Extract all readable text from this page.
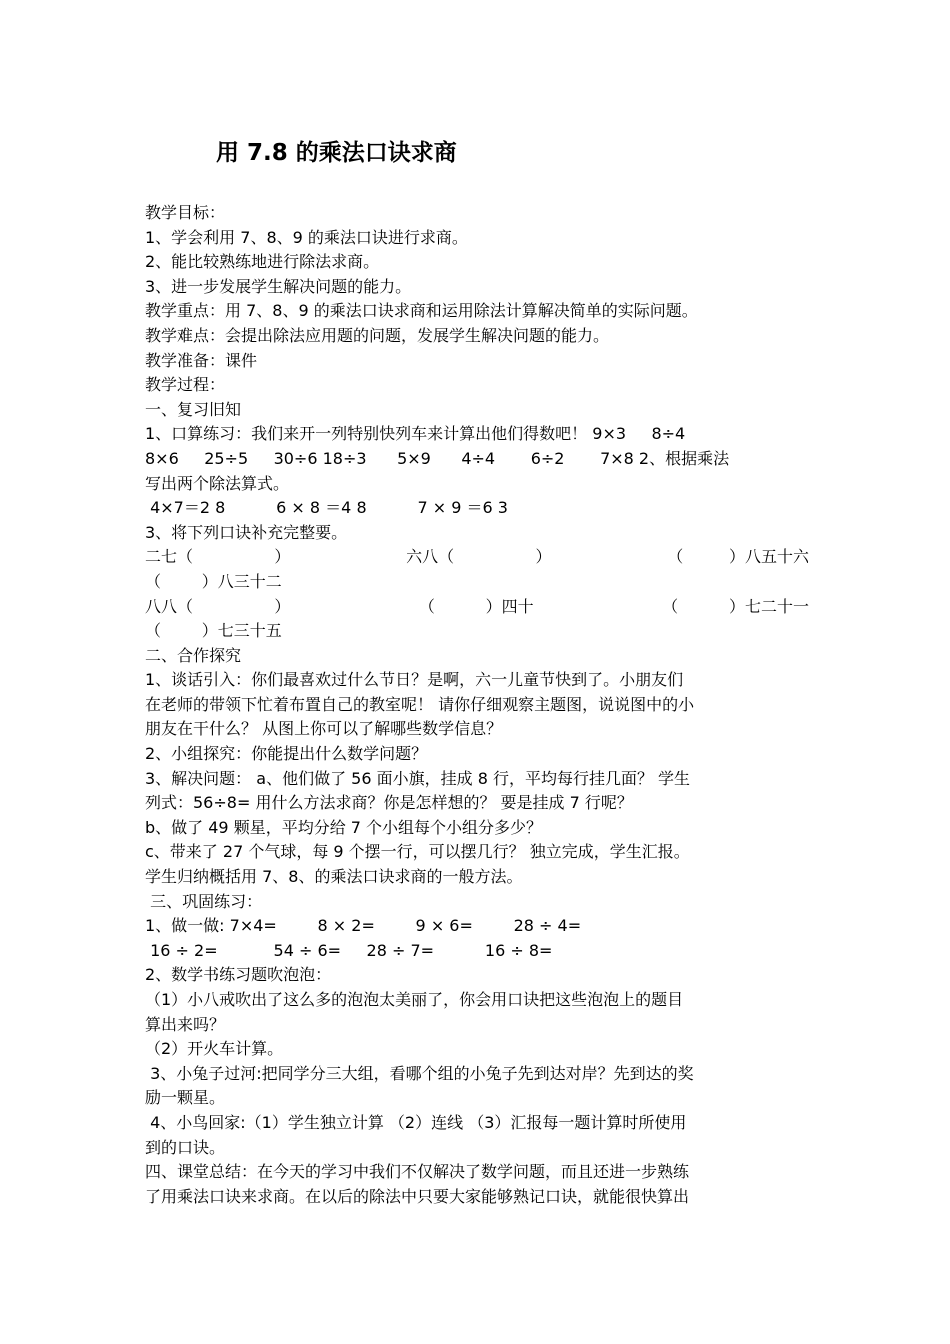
用 7.8 的乘法口诀求商

教学目标：

1、学会利用 7、8、9 的乘法口诀进行求商。

2、能比较熟练地进行除法求商。

3、进一步发展学生解决问题的能力。

教学重点：用 7、8、9 的乘法口诀求商和运用除法计算解决简单的实际问题。

教学难点：会提出除法应用题的问题，发展学生解决问题的能力。

教学准备：课件

教学过程：

一、复习旧知

1、口算练习：我们来开一列特别快列车来计算出他们得数吧！ 9×3     8÷4

8×6     25÷5     30÷6 18÷3      5×9      4÷4       6÷2       7×8 2、根据乘法

写出两个除法算式。

4×7＝2 8          6 × 8 ＝4 8          7 × 9 ＝6 3

3、将下列口诀补充完整要。

二七（                ）	六八（                ）	（         ）八五十六

（        ）八三十二

八八（                ）	（          ）四十	（          ）七二十一

（        ）七三十五

二、合作探究

1、谈话引入：你们最喜欢过什么节日？是啊，六一儿童节快到了。小朋友们

在老师的带领下忙着布置自己的教室呢！ 请你仔细观察主题图，说说图中的小

朋友在干什么？ 从图上你可以了解哪些数学信息？

2、小组探究：你能提出什么数学问题？

3、解决问题： a、他们做了 56 面小旗，挂成 8 行，平均每行挂几面？ 学生

列式：56÷8= 用什么方法求商？你是怎样想的？ 要是挂成 7 行呢？

b、做了 49 颗星，平均分给 7 个小组每个小组分多少？

c、带来了 27 个气球，每 9 个摆一行，可以摆几行？ 独立完成，学生汇报。

学生归纳概括用 7、8、的乘法口诀求商的一般方法。

三、巩固练习：

1、做一做: 7×4=        8 × 2=        9 × 6=        28 ÷ 4=

16 ÷ 2=           54 ÷ 6=     28 ÷ 7=          16 ÷ 8=

2、数学书练习题吹泡泡：

（1）小八戒吹出了这么多的泡泡太美丽了，你会用口诀把这些泡泡上的题目

算出来吗？

（2）开火车计算。

3、小兔子过河:把同学分三大组，看哪个组的小兔子先到达对岸？先到达的奖

励一颗星。

4、小鸟回家:（1）学生独立计算 （2）连线 （3）汇报每一题计算时所使用

到的口诀。

四、课堂总结：在今天的学习中我们不仅解决了数学问题，而且还进一步熟练

了用乘法口诀来求商。在以后的除法中只要大家能够熟记口诀，就能很快算出
